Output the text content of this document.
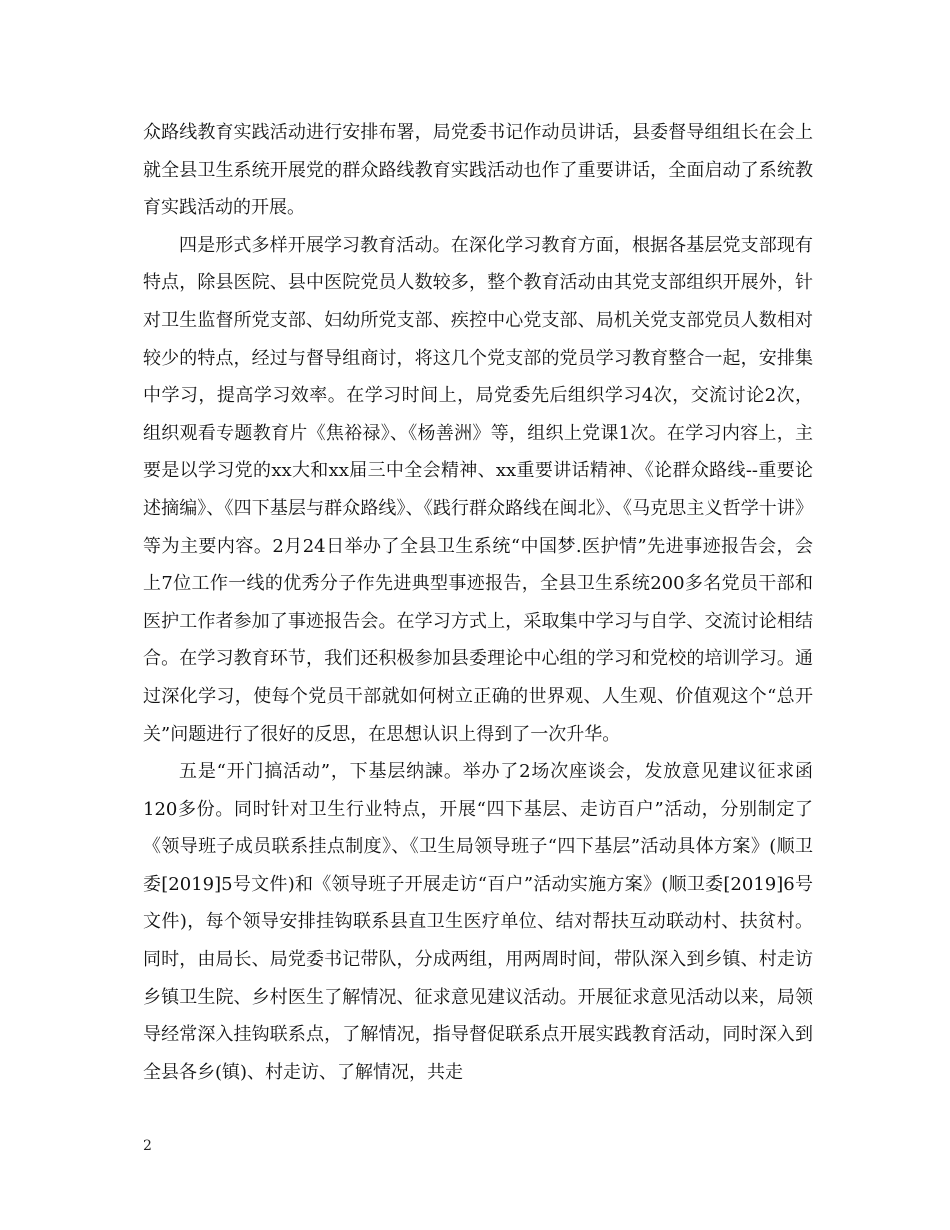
众路线教育实践活动进行安排布署，局党委书记作动员讲话，县委督导组组长在会上就全县卫生系统开展党的群众路线教育实践活动也作了重要讲话，全面启动了系统教育实践活动的开展。

四是形式多样开展学习教育活动。在深化学习教育方面，根据各基层党支部现有特点，除县医院、县中医院党员人数较多，整个教育活动由其党支部组织开展外，针对卫生监督所党支部、妇幼所党支部、疾控中心党支部、局机关党支部党员人数相对较少的特点，经过与督导组商讨，将这几个党支部的党员学习教育整合一起，安排集中学习，提高学习效率。在学习时间上，局党委先后组织学习4次，交流讨论2次，组织观看专题教育片《焦裕禄》、《杨善洲》等，组织上党课1次。在学习内容上，主要是以学习党的xx大和xx届三中全会精神、xx重要讲话精神、《论群众路线--重要论述摘编》、《四下基层与群众路线》、《践行群众路线在闽北》、《马克思主义哲学十讲》等为主要内容。2月24日举办了全县卫生系统“中国梦.医护情”先进事迹报告会，会上7位工作一线的优秀分子作先进典型事迹报告，全县卫生系统200多名党员干部和医护工作者参加了事迹报告会。在学习方式上，采取集中学习与自学、交流讨论相结合。在学习教育环节，我们还积极参加县委理论中心组的学习和党校的培训学习。通过深化学习，使每个党员干部就如何树立正确的世界观、人生观、价值观这个“总开关”问题进行了很好的反思，在思想认识上得到了一次升华。

五是“开门搞活动”，下基层纳諫。举办了2场次座谈会，发放意见建议征求函120多份。同时针对卫生行业特点，开展“四下基层、走访百户”活动，分别制定了《领导班子成员联系挂点制度》、《卫生局领导班子“四下基层”活动具体方案》(顺卫委[2019]5号文件)和《领导班子开展走访“百户”活动实施方案》(顺卫委[2019]6号文件)，每个领导安排挂钩联系县直卫生医疗单位、结对帮扶互动联动村、扶贫村。同时，由局长、局党委书记带队，分成两组，用两周时间，带队深入到乡镇、村走访乡镇卫生院、乡村医生了解情况、征求意见建议活动。开展征求意见活动以来，局领导经常深入挂钩联系点，了解情况，指导督促联系点开展实践教育活动，同时深入到全县各乡(镇)、村走访、了解情况，共走

2
